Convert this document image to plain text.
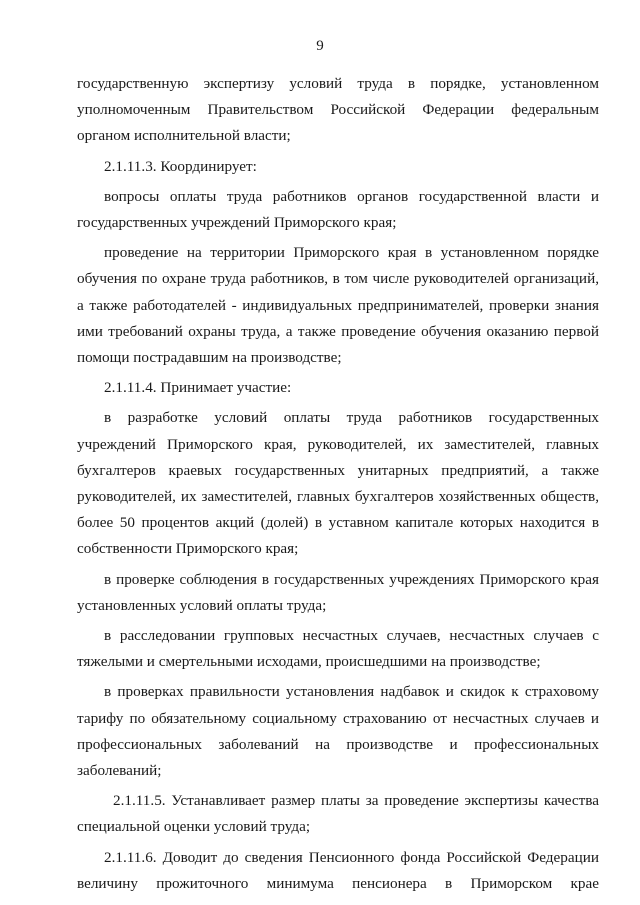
9

государственную экспертизу условий труда в порядке, установленном уполномоченным Правительством Российской Федерации федеральным органом исполнительной власти;

2.1.11.3. Координирует:

вопросы оплаты труда работников органов государственной власти и государственных учреждений Приморского края;

проведение на территории Приморского края в установленном порядке обучения по охране труда работников, в том числе руководителей организаций, а также работодателей - индивидуальных предпринимателей, проверки знания ими требований охраны труда, а также проведение обучения оказанию первой помощи пострадавшим на производстве;

2.1.11.4. Принимает участие:

в разработке условий оплаты труда работников государственных учреждений Приморского края, руководителей, их заместителей, главных бухгалтеров краевых государственных унитарных предприятий, а также руководителей, их заместителей, главных бухгалтеров хозяйственных обществ, более 50 процентов акций (долей) в уставном капитале которых находится в собственности Приморского края;

в проверке соблюдения в государственных учреждениях Приморского края установленных условий оплаты труда;

в расследовании групповых несчастных случаев, несчастных случаев с тяжелыми и смертельными исходами, происшедшими на производстве;

в проверках правильности установления надбавок и скидок к страховому тарифу по обязательному социальному страхованию от несчастных случаев и профессиональных заболеваний на производстве и профессиональных заболеваний;

2.1.11.5. Устанавливает размер платы за проведение экспертизы качества специальной оценки условий труда;

2.1.11.6. Доводит до сведения Пенсионного фонда Российской Федерации величину прожиточного минимума пенсионера в Приморском крае
